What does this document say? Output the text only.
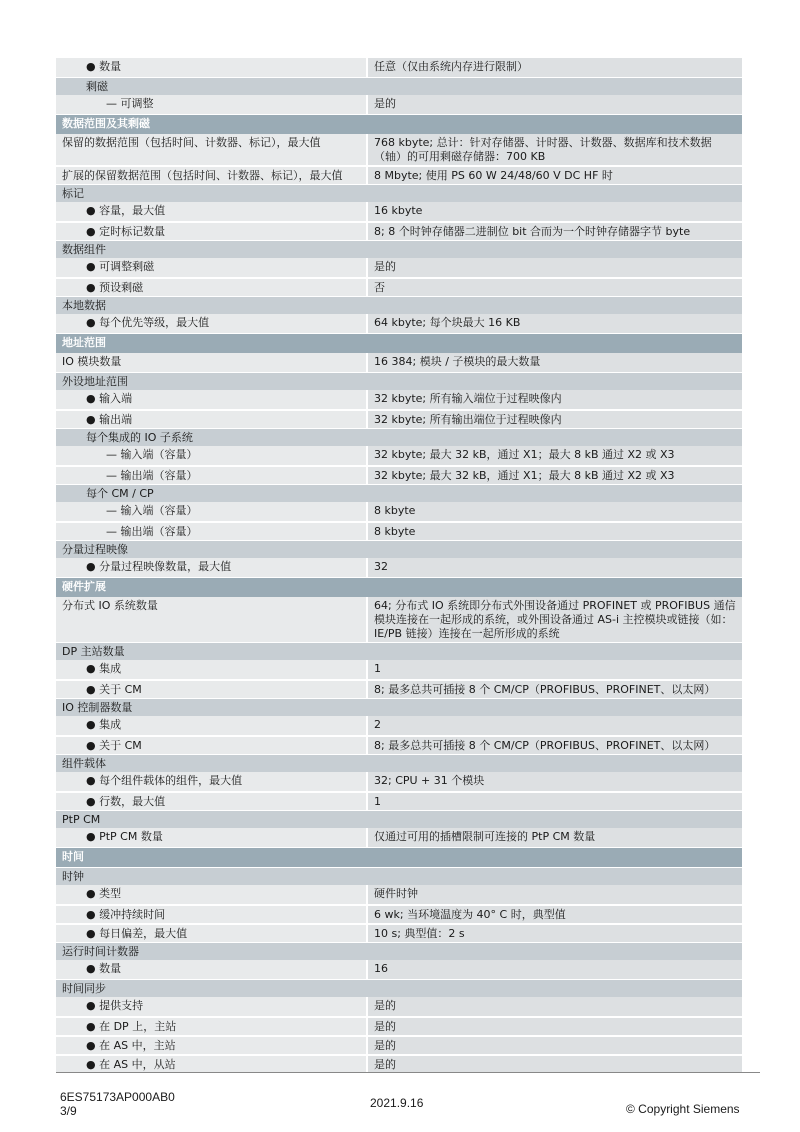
● 数量	任意（仅由系统内存进行限制）
剩磁
— 可调整	是的
数据范围及其剩磁
保留的数据范围（包括时间、计数器、标记），最大值	768 kbyte; 总计：针对存储器、计时器、计数器、数据库和技术数据（轴）的可用剩磁存储器：700 KB
扩展的保留数据范围（包括时间、计数器、标记），最大值	8 Mbyte; 使用 PS 60 W 24/48/60 V DC HF 时
标记
● 容量，最大值	16 kbyte
● 定时标记数量	8; 8 个时钟存储器二进制位 bit 合而为一个时钟存储器字节 byte
数据组件
● 可调整剩磁	是的
● 预设剩磁	否
本地数据
● 每个优先等级，最大值	64 kbyte; 每个块最大 16 KB
地址范围
IO 模块数量	16 384; 模块 / 子模块的最大数量
外设地址范围
● 输入端	32 kbyte; 所有输入端位于过程映像内
● 输出端	32 kbyte; 所有输出端位于过程映像内
每个集成的 IO 子系统
— 输入端（容量）	32 kbyte; 最大 32 kB，通过 X1；最大 8 kB 通过 X2 或 X3
— 输出端（容量）	32 kbyte; 最大 32 kB，通过 X1；最大 8 kB 通过 X2 或 X3
每个 CM / CP
— 输入端（容量）	8 kbyte
— 输出端（容量）	8 kbyte
分量过程映像
● 分量过程映像数量，最大值	32
硬件扩展
分布式 IO 系统数量	64; 分布式 IO 系统即分布式外围设备通过 PROFINET 或 PROFIBUS 通信模块连接在一起形成的系统，或外围设备通过 AS-i 主控模块或链接（如：IE/PB 链接）连接在一起所形成的系统
DP 主站数量
● 集成	1
● 关于 CM	8; 最多总共可插接 8 个 CM/CP（PROFIBUS、PROFINET、以太网）
IO 控制器数量
● 集成	2
● 关于 CM	8; 最多总共可插接 8 个 CM/CP（PROFIBUS、PROFINET、以太网）
组件载体
● 每个组件载体的组件，最大值	32; CPU + 31 个模块
● 行数，最大值	1
PtP CM
● PtP CM 数量	仅通过可用的插槽限制可连接的 PtP CM 数量
时间
时钟
● 类型	硬件时钟
● 缓冲持续时间	6 wk; 当环境温度为 40° C 时，典型值
● 每日偏差，最大值	10 s; 典型值：2 s
运行时间计数器
● 数量	16
时间同步
● 提供支持	是的
● 在 DP 上，主站	是的
● 在 AS 中，主站	是的
● 在 AS 中，从站	是的
6ES75173AP000AB0
3/9
2021.9.16	© Copyright Siemens
